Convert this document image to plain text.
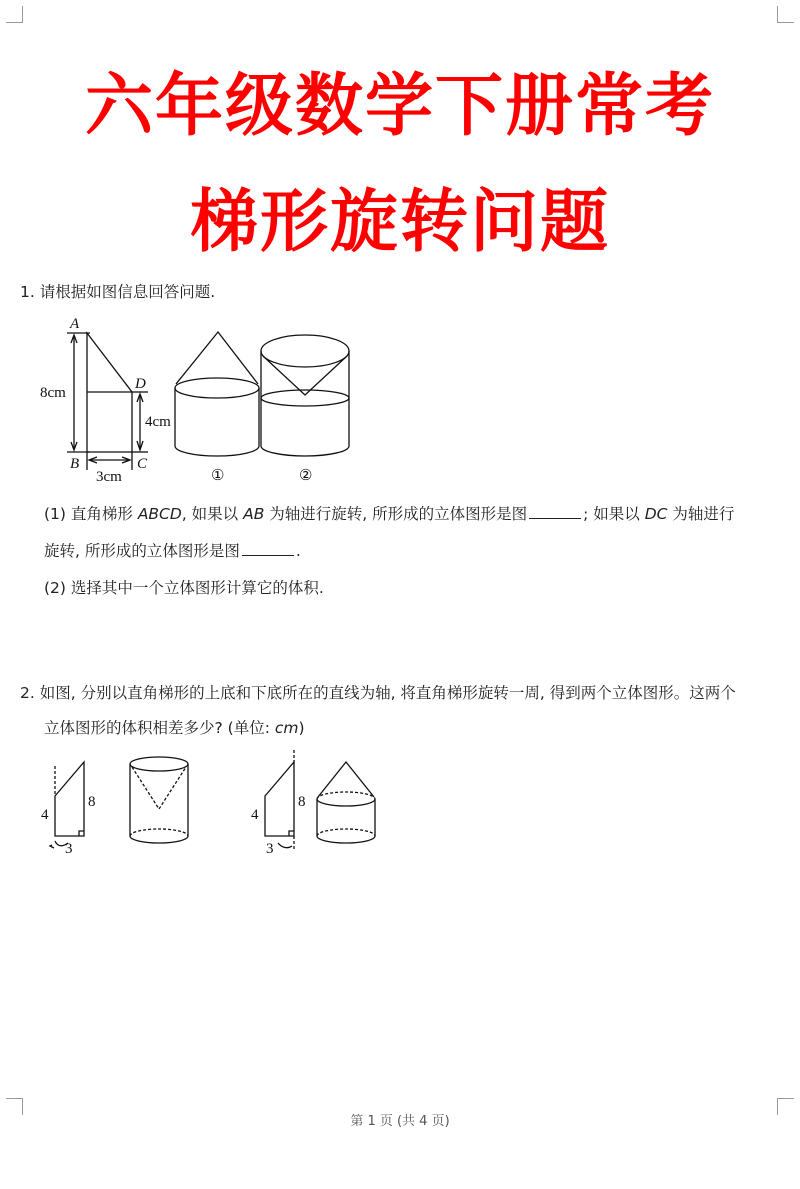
六年级数学下册常考
梯形旋转问题
1. 请根据如图信息回答问题.
A
B	C
D
8cm
4cm
3cm	①	②
4
8
3
4
8
3
(1) 直角梯形 ABCD, 如果以 AB 为轴进行旋转, 所形成的立体图形是图	; 如果以 DC 为轴进行
旋转, 所形成的立体图形是图	.
(2) 选择其中一个立体图形计算它的体积.
2. 如图, 分别以直角梯形的上底和下底所在的直线为轴, 将直角梯形旋转一周, 得到两个立体图形。这两个
立体图形的体积相差多少? (单位: cm)
第 1 页 (共 4 页)
